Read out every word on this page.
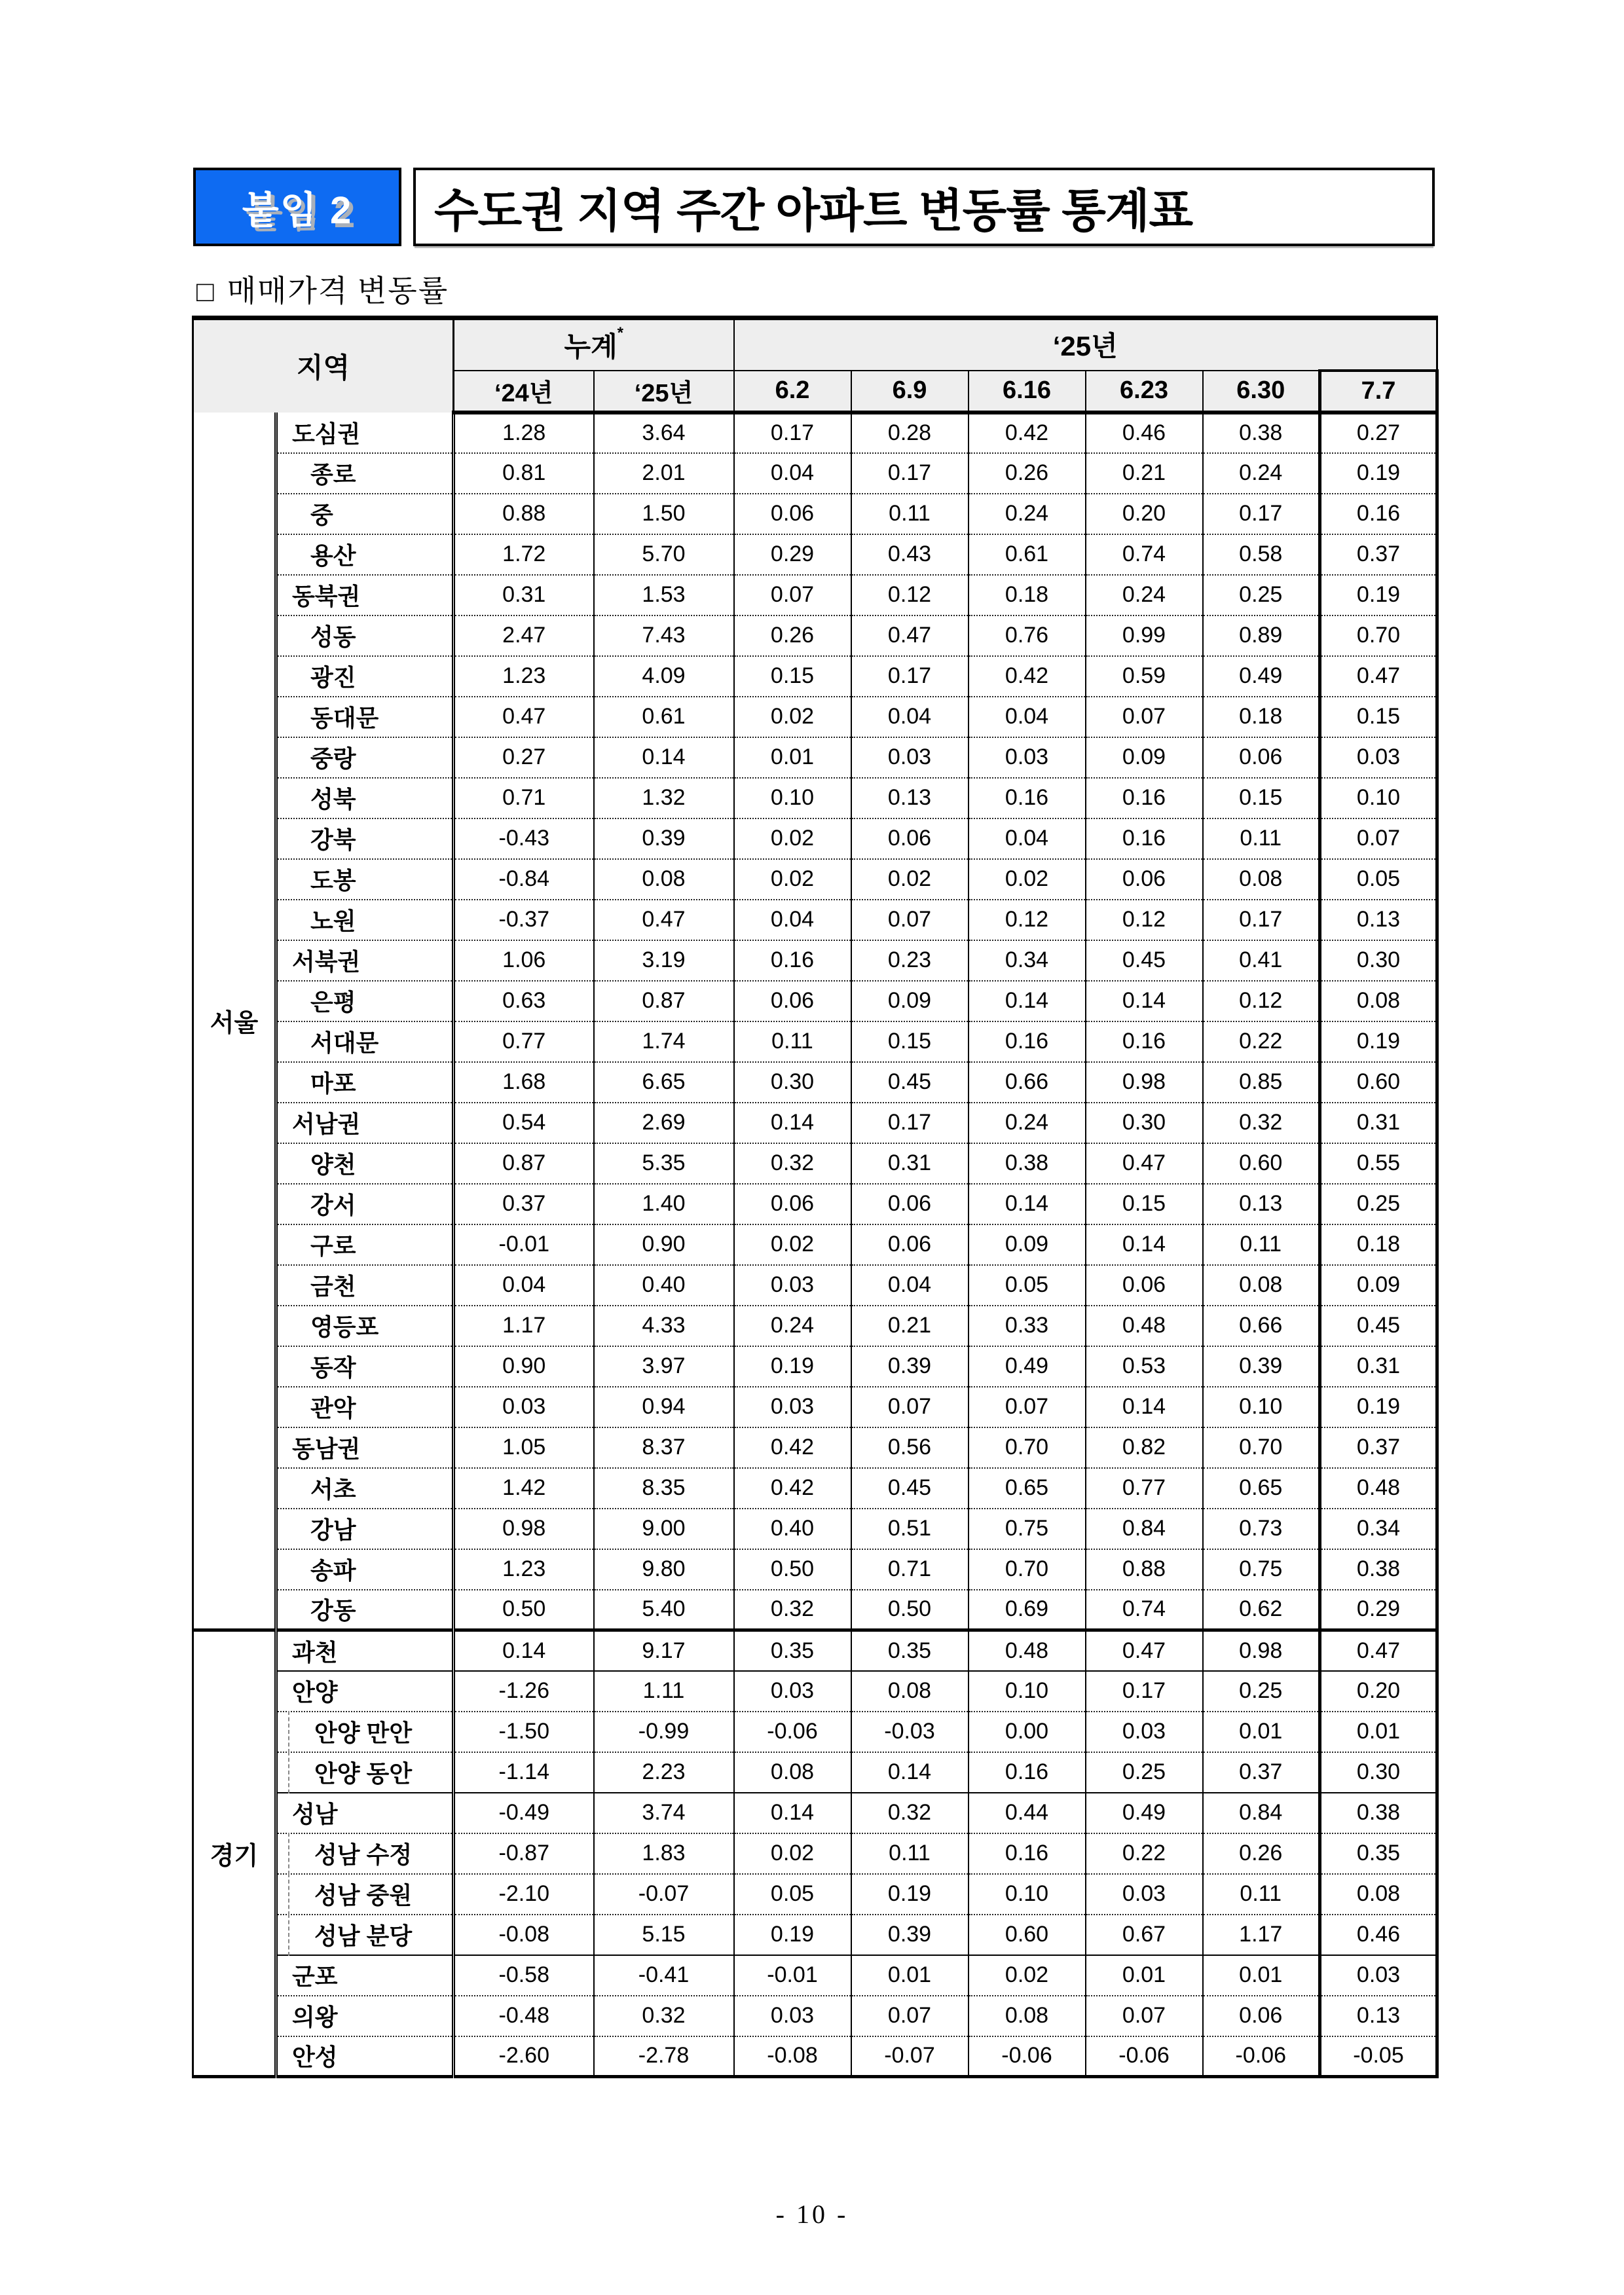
붙임 2	수도권 지역 주간 아파트 변동률 통계표
□ 매매가격 변동률
지역		누계*		‘25년					
		‘24년	‘25년	6.2	6.9	6.16	6.23	6.30	7.7
서울	도심권	1.28	3.64	0.17	0.28	0.42	0.46	0.38	0.27
	종로	0.81	2.01	0.04	0.17	0.26	0.21	0.24	0.19
	중	0.88	1.50	0.06	0.11	0.24	0.20	0.17	0.16
	용산	1.72	5.70	0.29	0.43	0.61	0.74	0.58	0.37
	동북권	0.31	1.53	0.07	0.12	0.18	0.24	0.25	0.19
	성동	2.47	7.43	0.26	0.47	0.76	0.99	0.89	0.70
	광진	1.23	4.09	0.15	0.17	0.42	0.59	0.49	0.47
	동대문	0.47	0.61	0.02	0.04	0.04	0.07	0.18	0.15
	중랑	0.27	0.14	0.01	0.03	0.03	0.09	0.06	0.03
	성북	0.71	1.32	0.10	0.13	0.16	0.16	0.15	0.10
	강북	-0.43	0.39	0.02	0.06	0.04	0.16	0.11	0.07
	도봉	-0.84	0.08	0.02	0.02	0.02	0.06	0.08	0.05
	노원	-0.37	0.47	0.04	0.07	0.12	0.12	0.17	0.13
	서북권	1.06	3.19	0.16	0.23	0.34	0.45	0.41	0.30
	은평	0.63	0.87	0.06	0.09	0.14	0.14	0.12	0.08
	서대문	0.77	1.74	0.11	0.15	0.16	0.16	0.22	0.19
	마포	1.68	6.65	0.30	0.45	0.66	0.98	0.85	0.60
	서남권	0.54	2.69	0.14	0.17	0.24	0.30	0.32	0.31
	양천	0.87	5.35	0.32	0.31	0.38	0.47	0.60	0.55
	강서	0.37	1.40	0.06	0.06	0.14	0.15	0.13	0.25
	구로	-0.01	0.90	0.02	0.06	0.09	0.14	0.11	0.18
	금천	0.04	0.40	0.03	0.04	0.05	0.06	0.08	0.09
	영등포	1.17	4.33	0.24	0.21	0.33	0.48	0.66	0.45
	동작	0.90	3.97	0.19	0.39	0.49	0.53	0.39	0.31
	관악	0.03	0.94	0.03	0.07	0.07	0.14	0.10	0.19
	동남권	1.05	8.37	0.42	0.56	0.70	0.82	0.70	0.37
	서초	1.42	8.35	0.42	0.45	0.65	0.77	0.65	0.48
	강남	0.98	9.00	0.40	0.51	0.75	0.84	0.73	0.34
	송파	1.23	9.80	0.50	0.71	0.70	0.88	0.75	0.38
	강동	0.50	5.40	0.32	0.50	0.69	0.74	0.62	0.29
경기	과천	0.14	9.17	0.35	0.35	0.48	0.47	0.98	0.47
	안양	-1.26	1.11	0.03	0.08	0.10	0.17	0.25	0.20
	안양 만안	-1.50	-0.99	-0.06	-0.03	0.00	0.03	0.01	0.01
	안양 동안	-1.14	2.23	0.08	0.14	0.16	0.25	0.37	0.30
	성남	-0.49	3.74	0.14	0.32	0.44	0.49	0.84	0.38
	성남 수정	-0.87	1.83	0.02	0.11	0.16	0.22	0.26	0.35
	성남 중원	-2.10	-0.07	0.05	0.19	0.10	0.03	0.11	0.08
	성남 분당	-0.08	5.15	0.19	0.39	0.60	0.67	1.17	0.46
	군포	-0.58	-0.41	-0.01	0.01	0.02	0.01	0.01	0.03
	의왕	-0.48	0.32	0.03	0.07	0.08	0.07	0.06	0.13
	안성	-2.60	-2.78	-0.08	-0.07	-0.06	-0.06	-0.06	-0.05
- 10 -
